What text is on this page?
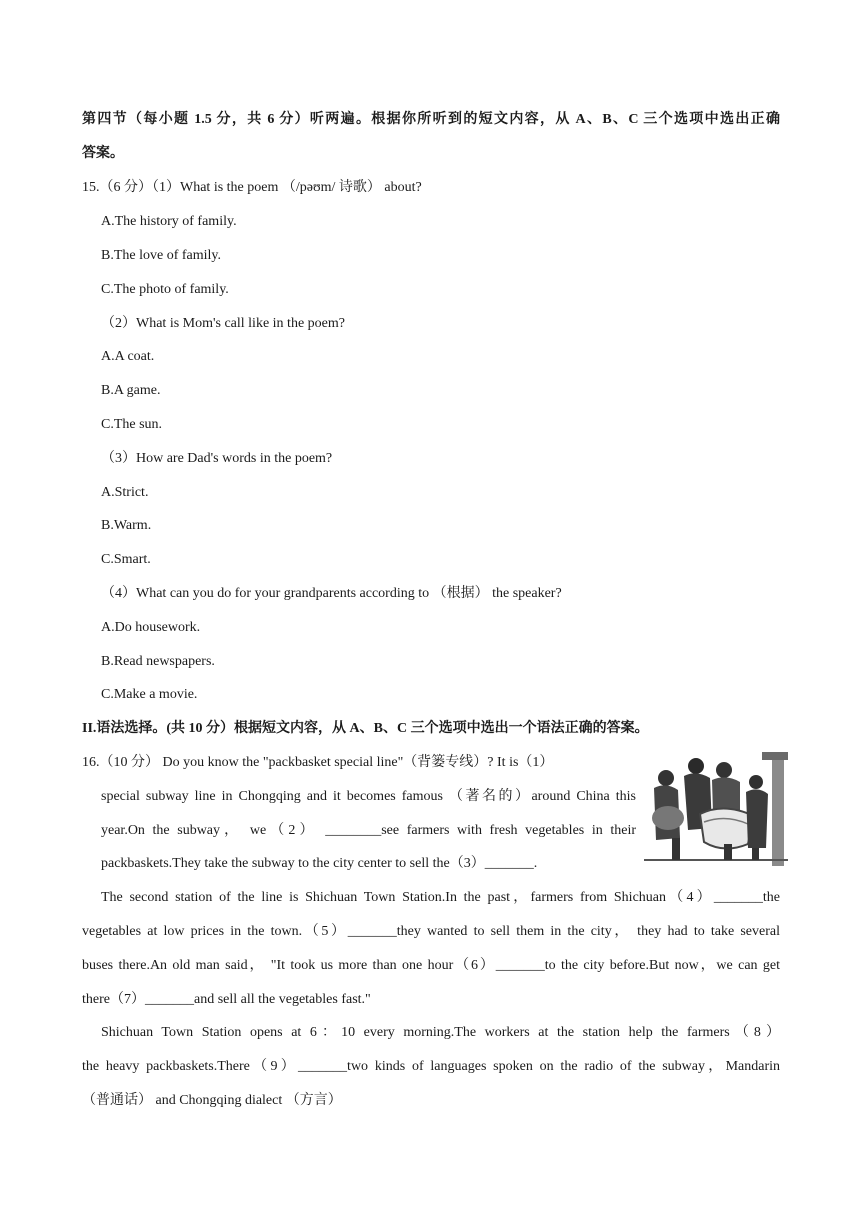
第四节（每小题 1.5 分，共 6 分）听两遍。根据你所听到的短文内容，从 A、B、C 三个选项中选出正确
答案。
15.（6 分）（1）What is the poem （/pəʊm/ 诗歌） about?
A.The history of family.
B.The love of family.
C.The photo of family.
（2）What is Mom's call like in the poem?
A.A coat.
B.A game.
C.The sun.
（3）How are Dad's words in the poem?
A.Strict.
B.Warm.
C.Smart.
（4）What can you do for your grandparents according to （根据） the speaker?
A.Do housework.
B.Read newspapers.
C.Make a movie.
II.语法选择。(共 10 分）根据短文内容，从 A、B、C 三个选项中选出一个语法正确的答案。
16.（10 分） Do you know the "packbasket special line"（背篓专线）? It is（1）
special subway line in Chongqing and it becomes famous （著名的）around China this
year.On the subway， we（2） ________see farmers with fresh vegetables in their
packbaskets.They take the subway to the city center to sell the（3）_______.
The second station of the line is Shichuan Town Station.In the past，farmers from Shichuan（4）_______the
vegetables at low prices in the town.（5）_______they wanted to sell them in the city， they had to take several
buses there.An old man said， "It took us more than one hour（6）_______to the city before.But now，we can get
there（7）_______and sell all the vegetables fast."
Shichuan Town Station opens at 6：10 every morning.The workers at the station help the farmers（8）
the heavy packbaskets.There（9）_______two kinds of languages spoken on the radio of the subway，Mandarin
（普通话） and Chongqing dialect （方言）
